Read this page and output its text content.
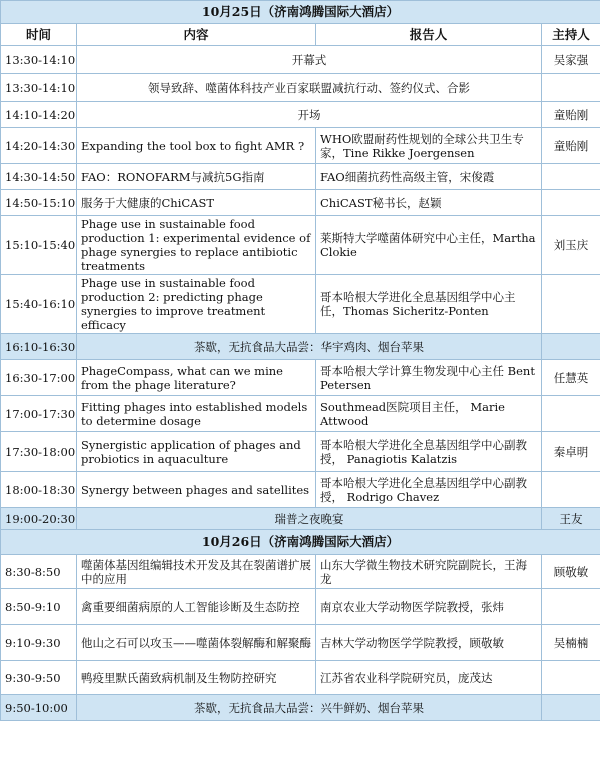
10月25日（济南鸿腾国际大酒店）			
时间	内容	报告人	主持人
13:30-14:10	开幕式		吴家强
13:30-14:10	领导致辞、噬菌体科技产业百家联盟减抗行动、签约仪式、合影		
14:10-14:20	开场		童贻刚
14:20-14:30	Expanding the tool box to fight AMR ?	WHO欧盟耐药性规划的全球公共卫生专家，Tine Rikke Joergensen	童贻刚
14:30-14:50	FAO：RONOFARM与减抗5G指南	FAO细菌抗药性高级主管，宋俊霞	
14:50-15:10	服务于大健康的ChiCAST	ChiCAST秘书长，赵颖	
15:10-15:40	Phage use in sustainable food production 1: experimental evidence of phage synergies to replace antibiotic treatments	莱斯特大学噬菌体研究中心主任，Martha Clokie	刘玉庆
15:40-16:10	Phage use in sustainable food production 2: predicting phage synergies to improve treatment efficacy	哥本哈根大学进化全息基因组学中心主任，Thomas Sicheritz-Ponten	
16:10-16:30	茶歇，无抗食品大品尝：华宇鸡肉、烟台苹果		
16:30-17:00	PhageCompass, what can we mine from the phage literature?	哥本哈根大学计算生物发现中心主任 Bent Petersen	任慧英
17:00-17:30	Fitting phages into established models to determine dosage	Southmead医院项目主任， Marie Attwood	
17:30-18:00	Synergistic application of phages and probiotics in aquaculture	哥本哈根大学进化全息基因组学中心副教授， Panagiotis Kalatzis	秦卓明
18:00-18:30	Synergy between phages and satellites	哥本哈根大学进化全息基因组学中心副教授， Rodrigo Chavez	
19:00-20:30	瑞普之夜晚宴		王友
10月26日（济南鸿腾国际大酒店）			
8:30-8:50	噬菌体基因组编辑技术开发及其在裂菌谱扩展中的应用	山东大学微生物技术研究院副院长，王海龙	顾敬敏
8:50-9:10	禽重要细菌病原的人工智能诊断及生态防控	南京农业大学动物医学院教授，张炜	
9:10-9:30	他山之石可以攻玉——噬菌体裂解酶和解聚酶	吉林大学动物医学学院教授，顾敬敏	吴楠楠
9:30-9:50	鸭疫里默氏菌致病机制及生物防控研究	江苏省农业科学院研究员，庞茂达	
9:50-10:00	茶歇，无抗食品大品尝：兴牛鲜奶、烟台苹果		
